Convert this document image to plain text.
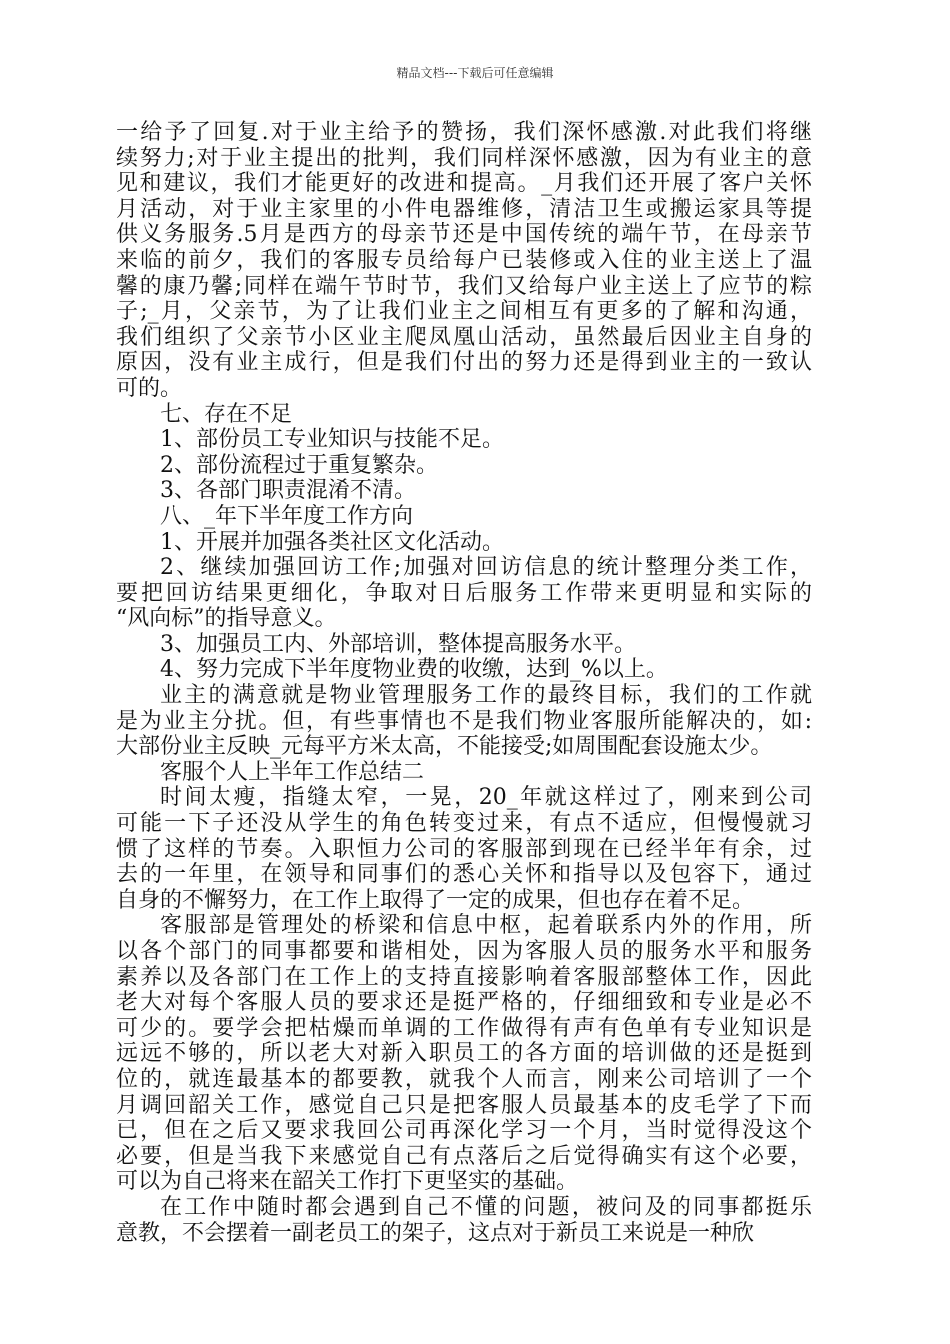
精品文档---下载后可任意编辑

一给予了回复.对于业主给予的赞扬，我们深怀感激.对此我们将继

续努力;对于业主提出的批判，我们同样深怀感激，因为有业主的意

见和建议，我们才能更好的改进和提高。_月我们还开展了客户关怀

月活动，对于业主家里的小件电器维修，清洁卫生或搬运家具等提

供义务服务.5月是西方的母亲节还是中国传统的端午节，在母亲节

来临的前夕，我们的客服专员给每户已装修或入住的业主送上了温

馨的康乃馨;同样在端午节时节，我们又给每户业主送上了应节的粽

子;_月，父亲节，为了让我们业主之间相互有更多的了解和沟通，

我们组织了父亲节小区业主爬凤凰山活动，虽然最后因业主自身的

原因，没有业主成行，但是我们付出的努力还是得到业主的一致认

可的。

七、存在不足

1、部份员工专业知识与技能不足。

2、部份流程过于重复繁杂。

3、各部门职责混淆不清。

八、_年下半年度工作方向

1、开展并加强各类社区文化活动。

2、继续加强回访工作;加强对回访信息的统计整理分类工作，

要把回访结果更细化，争取对日后服务工作带来更明显和实际的

“风向标”的指导意义。

3、加强员工内、外部培训，整体提高服务水平。

4、努力完成下半年度物业费的收缴，达到_%以上。

业主的满意就是物业管理服务工作的最终目标，我们的工作就

是为业主分扰。但，有些事情也不是我们物业客服所能解决的，如:

大部份业主反映_元每平方米太高，不能接受;如周围配套设施太少。

客服个人上半年工作总结二

时间太瘦，指缝太窄，一晃，20_年就这样过了，刚来到公司

可能一下子还没从学生的角色转变过来，有点不适应，但慢慢就习

惯了这样的节奏。入职恒力公司的客服部到现在已经半年有余，过

去的一年里，在领导和同事们的悉心关怀和指导以及包容下，通过

自身的不懈努力，在工作上取得了一定的成果，但也存在着不足。

客服部是管理处的桥梁和信息中枢，起着联系内外的作用，所

以各个部门的同事都要和谐相处，因为客服人员的服务水平和服务

素养以及各部门在工作上的支持直接影响着客服部整体工作，因此

老大对每个客服人员的要求还是挺严格的，仔细细致和专业是必不

可少的。要学会把枯燥而单调的工作做得有声有色单有专业知识是

远远不够的，所以老大对新入职员工的各方面的培训做的还是挺到

位的，就连最基本的都要教，就我个人而言，刚来公司培训了一个

月调回韶关工作，感觉自己只是把客服人员最基本的皮毛学了下而

已，但在之后又要求我回公司再深化学习一个月，当时觉得没这个

必要，但是当我下来感觉自己有点落后之后觉得确实有这个必要，

可以为自己将来在韶关工作打下更坚实的基础。

在工作中随时都会遇到自己不懂的问题，被问及的同事都挺乐

意教，不会摆着一副老员工的架子，这点对于新员工来说是一种欣
